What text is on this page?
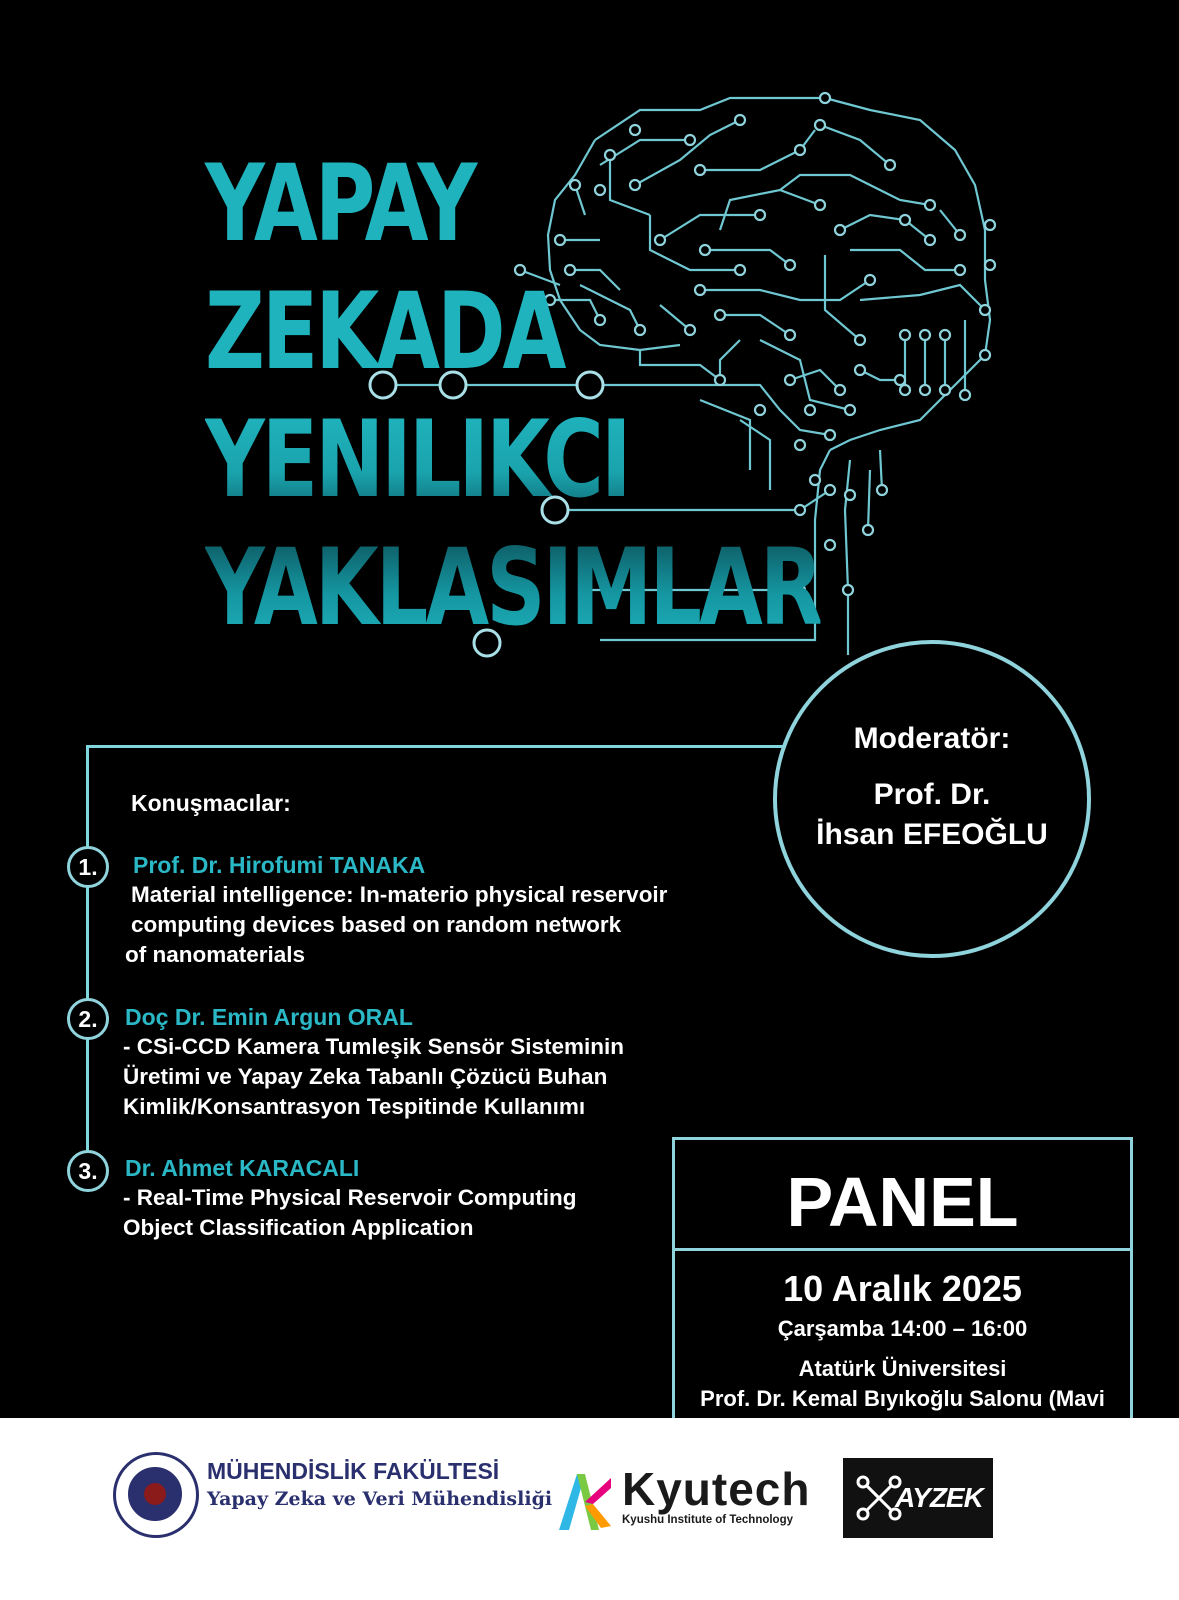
YAPAY
ZEKADA
YENILIKCI
YAKLASIMLAR
Konuşmacılar:
1.	Prof. Dr. Hirofumi TANAKA
Material intelligence: In-materio physical reservoir
computing devices based on random network
of nanomaterials
2.	Doç Dr. Emin Argun ORAL
- CSi-CCD Kamera Tumleşik Sensör Sisteminin
Üretimi ve Yapay Zeka Tabanlı Çözücü Buhan
Kimlik/Konsantrasyon Tespitinde Kullanımı
3.	Dr. Ahmet KARACALI
- Real-Time Physical Reservoir Computing
Object Classification Application
Moderatör:
Prof. Dr.
İhsan EFEOĞLU
PANEL
10 Aralık 2025
Çarşamba 14:00 – 16:00
Atatürk Üniversitesi
Prof. Dr. Kemal Bıyıkoğlu Salonu (Mavi
MÜHENDİSLİK FAKÜLTESİ
Yapay Zeka ve Veri Mühendisliği Kyutech
Kyushu Institute of Technology
AYZEK
